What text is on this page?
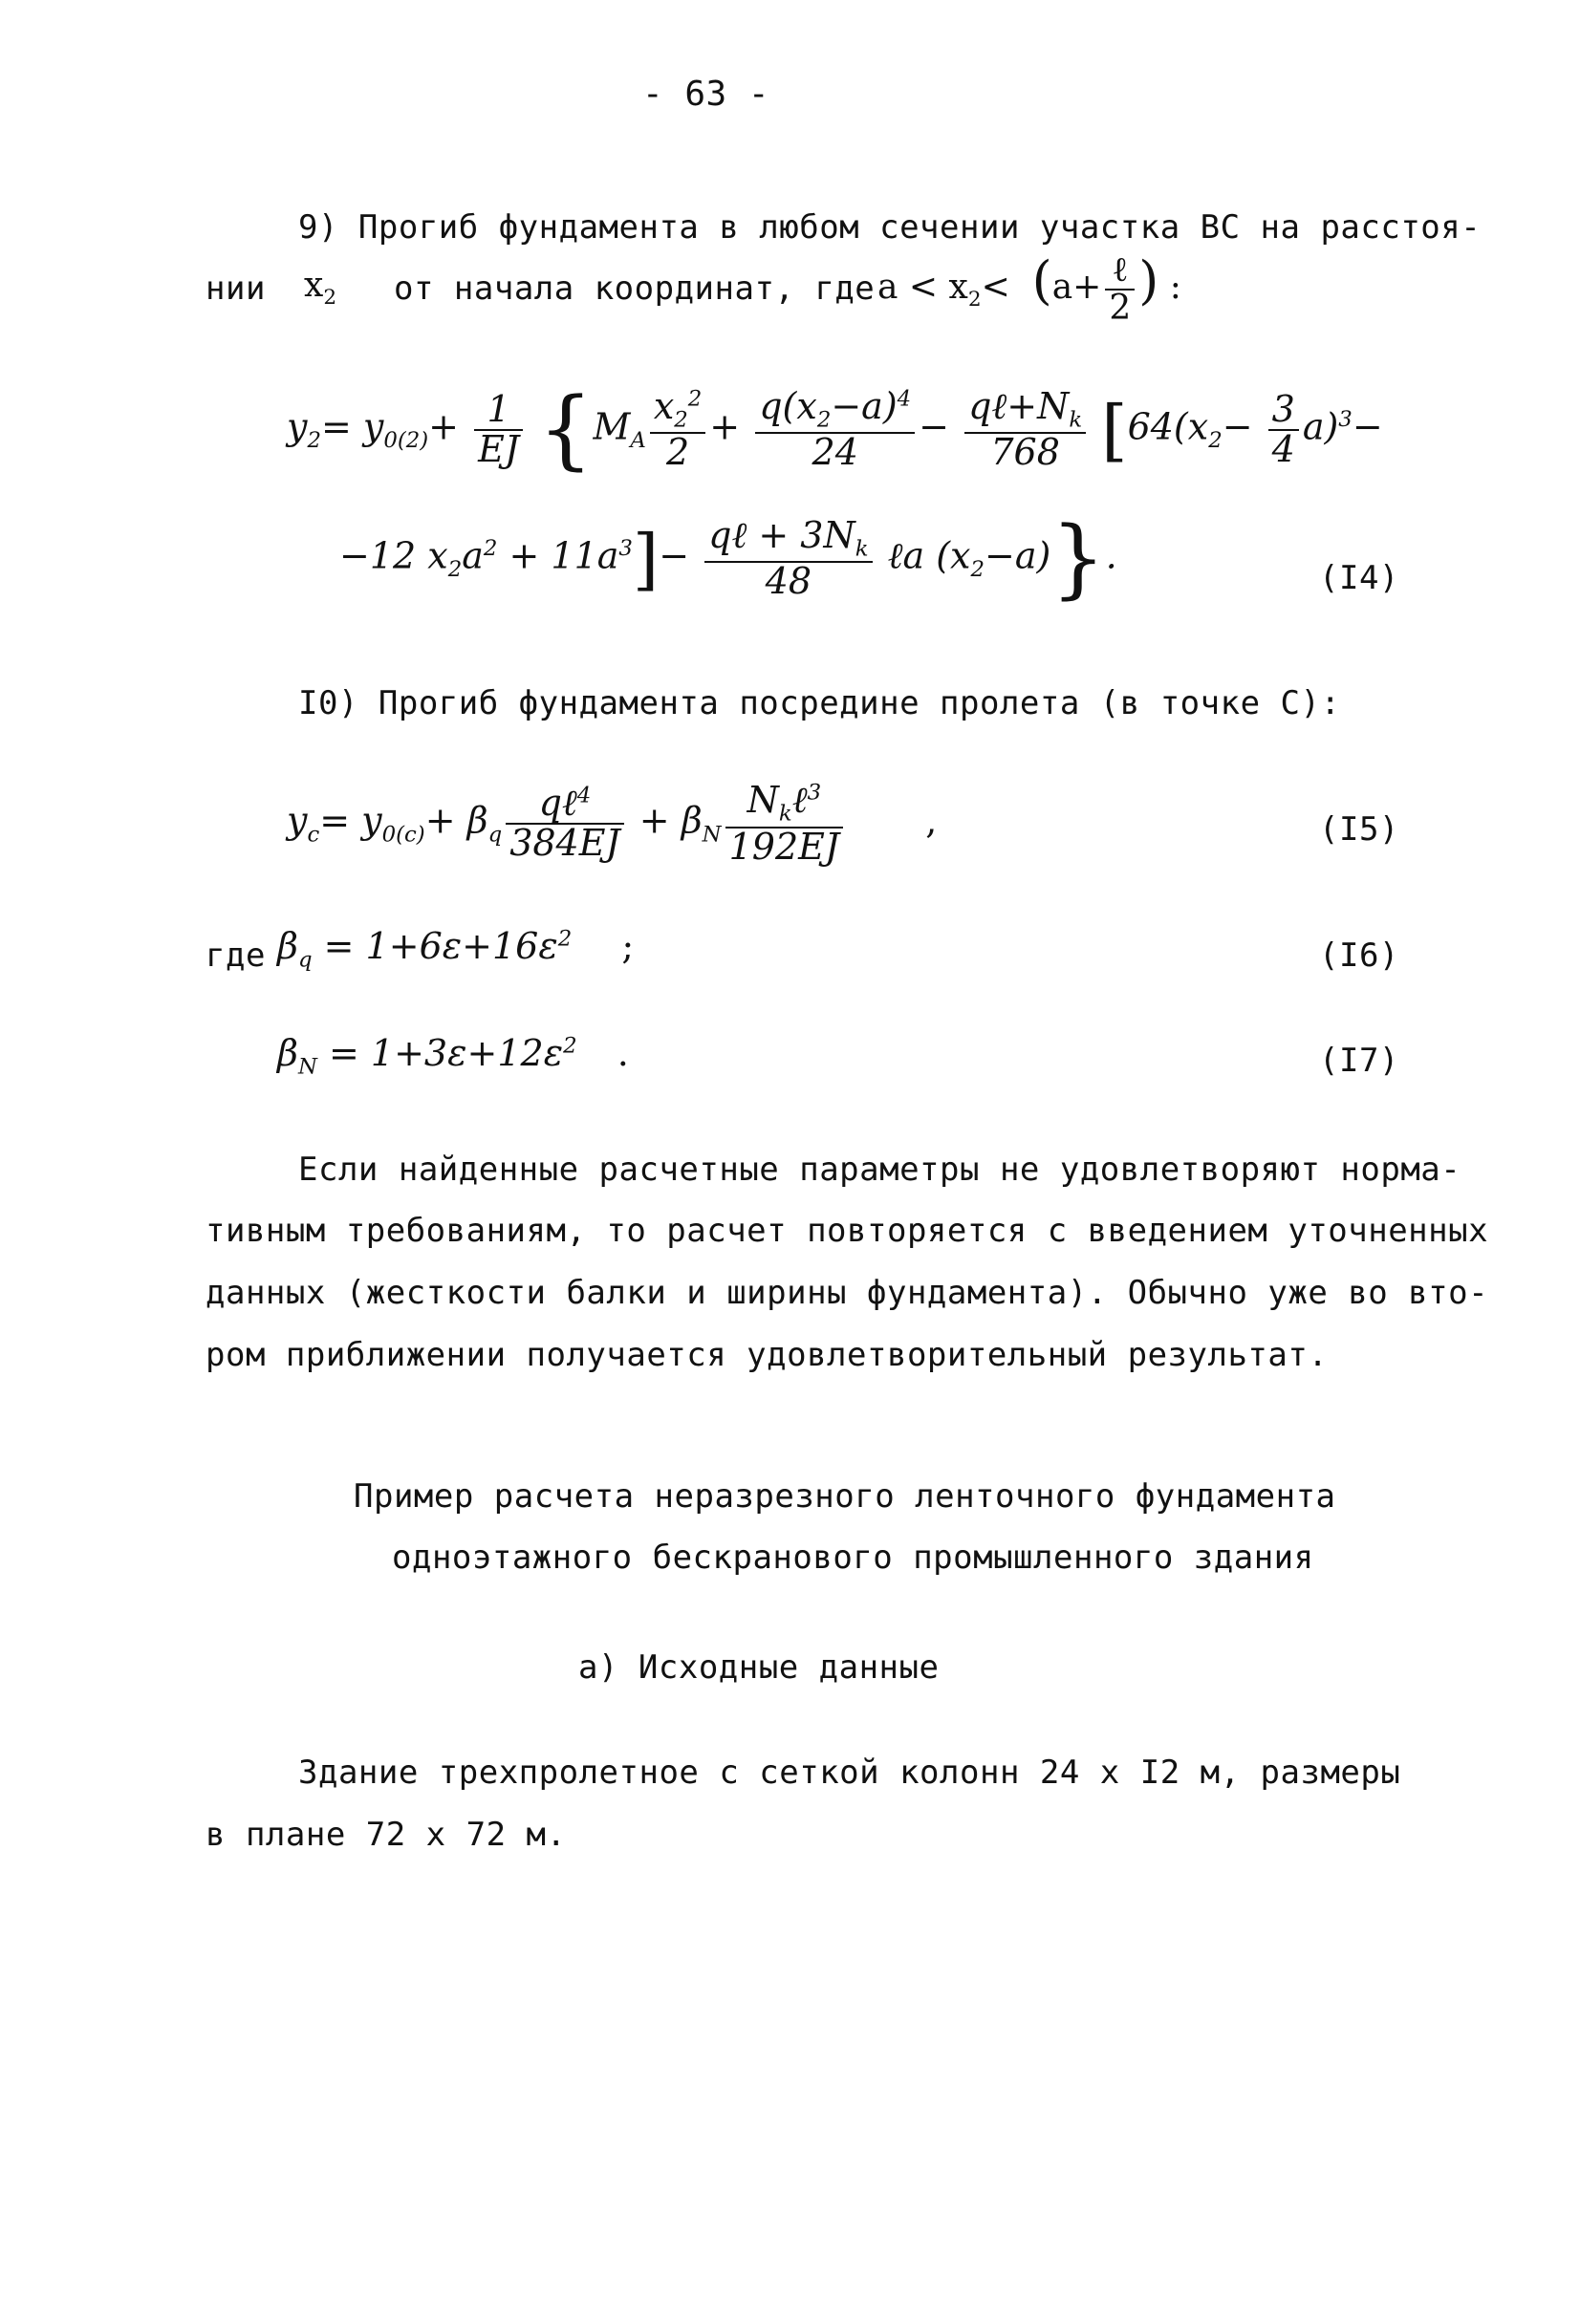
- 63 -
9) Прогиб фундамента в любом сечении участка ВС на расстоя-
нии $x_2$ от начала координат, где $a < x_2< (a+ \frac{\text{ℓ}}{2}$ ) :
$y_2= y_{0(2)}+ \frac{1}{EJ} \{M_A \frac{x_2^2}{2} + \frac{q(x_2-a)^4}{24} - \frac{q\ell+N_k}{768} [64(x_2- \frac{3}{4} a)^3-$
−12 $x_2a^2 + 11a^3]- \frac{q\ell + 3N_k}{48}$ ℓa $(x_2-a)$}.
(I4)
I0) Прогиб фундамента посредине пролета (в точке С):
$y_c= y_{0(c)}+ \beta_q \frac{q\ell^4}{384EJ} + \beta_N \frac{N_k\ell^3}{192EJ}$ ,	(I5)
где $\beta_q = 1+6\varepsilon+16\varepsilon^2$ ;	(I6)
$\beta_N = 1+3\varepsilon+12\varepsilon^2$ .	(I7)
Если найденные расчетные параметры не удовлетворяют норма-
тивным требованиям, то расчет повторяется с введением уточненных
данных (жесткости балки и ширины фундамента). Обычно уже во вто-
ром приближении получается удовлетворительный результат.
Пример расчета неразрезного ленточного фундамента
одноэтажного бескранового промышленного здания
а) Исходные данные
Здание трехпролетное с сеткой колонн 24 x I2 м, размеры
в плане 72 x 72 м.
